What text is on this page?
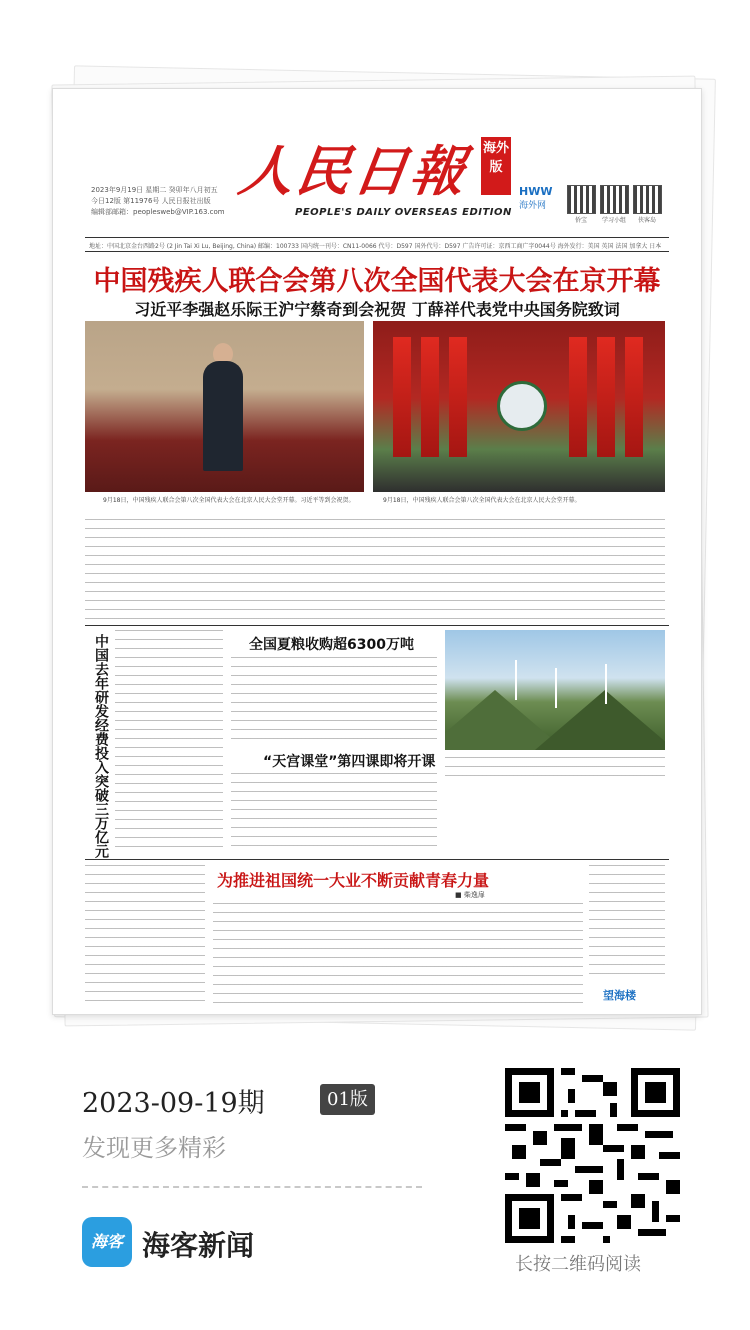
2023年9月19日 星期二 癸卯年八月初五
今日12版 第11976号 人民日报社出版
编辑部邮箱：peoplesweb@VIP.163.com
人民日報 海外版
PEOPLE'S DAILY OVERSEAS EDITION
HWW
海外网
侨宝	学习小组	侠客岛
地址：中国北京金台西路2号 (2 Jin Tai Xi Lu, Beijing, China) 邮编：100733 国内统一刊号：CN11-0066 代号：D597 国外代号：D597 广告许可证：京西工商广字0044号 海外发行：美国 英国 法国 加拿大 日本
中国残疾人联合会第八次全国代表大会在京开幕
习近平李强赵乐际王沪宁蔡奇到会祝贺 丁薛祥代表党中央国务院致词
9月18日，中国残疾人联合会第八次全国代表大会在北京人民大会堂开幕。习近平等到会祝贺。	9月18日，中国残疾人联合会第八次全国代表大会在北京人民大会堂开幕。
中国去年研发经费投入突破三万亿元	全国夏粮收购超6300万吨
“天宫课堂”第四课即将开课
为推进祖国统一大业不断贡献青春力量
■ 柴逸扉
望海楼
2023-09-19期	01版
发现更多精彩
海客 海客新闻
长按二维码阅读
